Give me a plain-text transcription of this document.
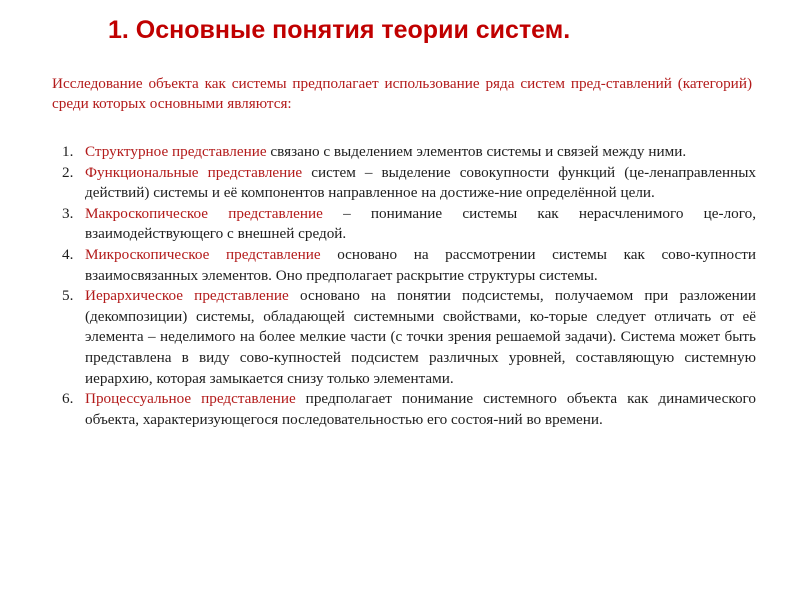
1. Основные понятия теории систем.

Исследование объекта как системы предполагает использование ряда систем пред-ставлений (категорий) среди которых основными являются:

1. Структурное представление связано с выделением элементов системы и связей между ними.
2. Функциональные представление систем – выделение совокупности функций (це-ленаправленных действий) системы и её компонентов направленное на достиже-ние определённой цели.
3. Макроскопическое представление – понимание системы как нерасчленимого це-лого, взаимодействующего с внешней средой.
4. Микроскопическое представление основано на рассмотрении системы как сово-купности взаимосвязанных элементов. Оно предполагает раскрытие структуры системы.
5. Иерархическое представление основано на понятии подсистемы, получаемом при разложении (декомпозиции) системы, обладающей системными свойствами, ко-торые следует отличать от её элемента – неделимого на более мелкие части (с точки зрения решаемой задачи). Система может быть представлена в виду сово-купностей подсистем различных уровней, составляющую системную иерархию, которая замыкается снизу только элементами.
6. Процессуальное представление предполагает понимание системного объекта как динамического объекта, характеризующегося последовательностью его состоя-ний во времени.
